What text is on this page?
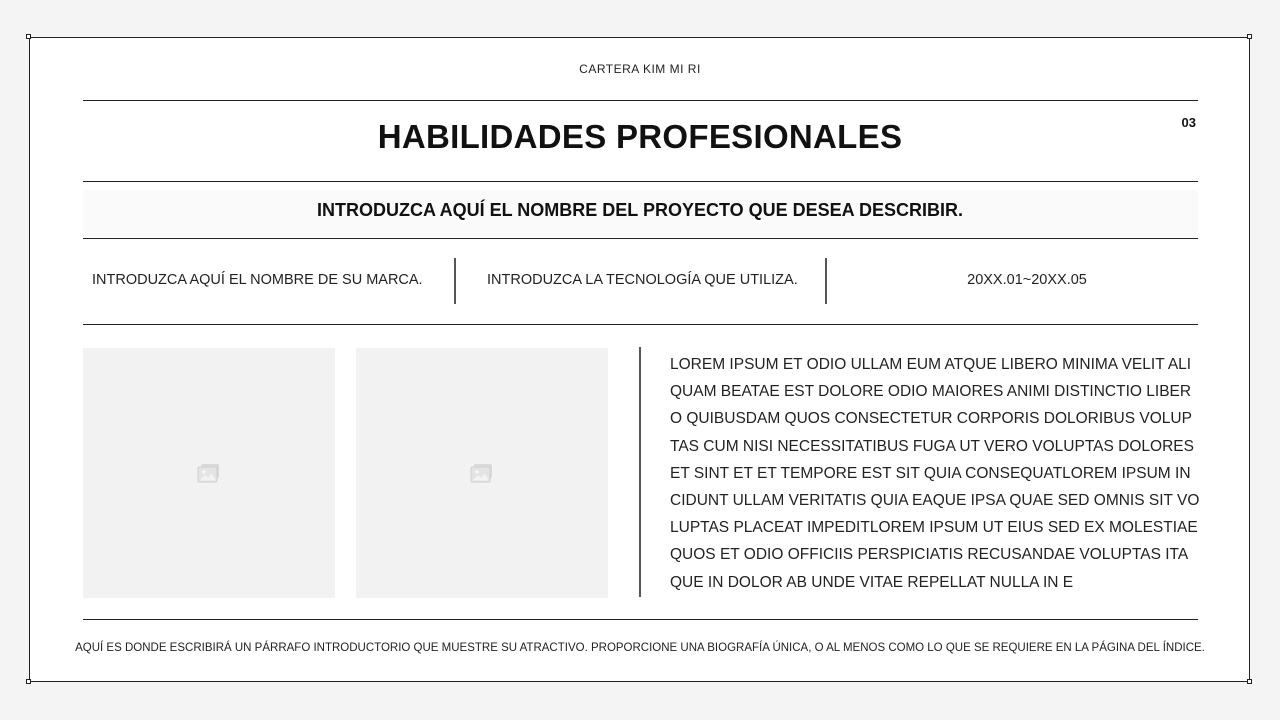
CARTERA KIM MI RI
HABILIDADES PROFESIONALES	03
INTRODUZCA AQUÍ EL NOMBRE DEL PROYECTO QUE DESEA DESCRIBIR.
INTRODUZCA AQUÍ EL NOMBRE DE SU MARCA.	INTRODUZCA LA TECNOLOGÍA QUE UTILIZA.	20XX.01~20XX.05
LOREM IPSUM ET ODIO ULLAM EUM ATQUE LIBERO MINIMA VELIT ALIQUAM BEATAE EST DOLORE ODIO MAIORES ANIMI DISTINCTIO LIBERO QUIBUSDAM QUOS CONSECTETUR CORPORIS DOLORIBUS VOLUPTAS CUM NISI NECESSITATIBUS FUGA UT VERO VOLUPTAS DOLORES ET SINT ET ET TEMPORE EST SIT QUIA CONSEQUATLOREM IPSUM INCIDUNT ULLAM VERITATIS QUIA EAQUE IPSA QUAE SED OMNIS SIT VOLUPTAS PLACEAT IMPEDITLOREM IPSUM UT EIUS SED EX MOLESTIAE QUOS ET ODIO OFFICIIS PERSPICIATIS RECUSANDAE VOLUPTAS ITAQUE IN DOLOR AB UNDE VITAE REPELLAT NULLA IN E
AQUÍ ES DONDE ESCRIBIRÁ UN PÁRRAFO INTRODUCTORIO QUE MUESTRE SU ATRACTIVO. PROPORCIONE UNA BIOGRAFÍA ÚNICA, O AL MENOS COMO LO QUE SE REQUIERE EN LA PÁGINA DEL ÍNDICE.
